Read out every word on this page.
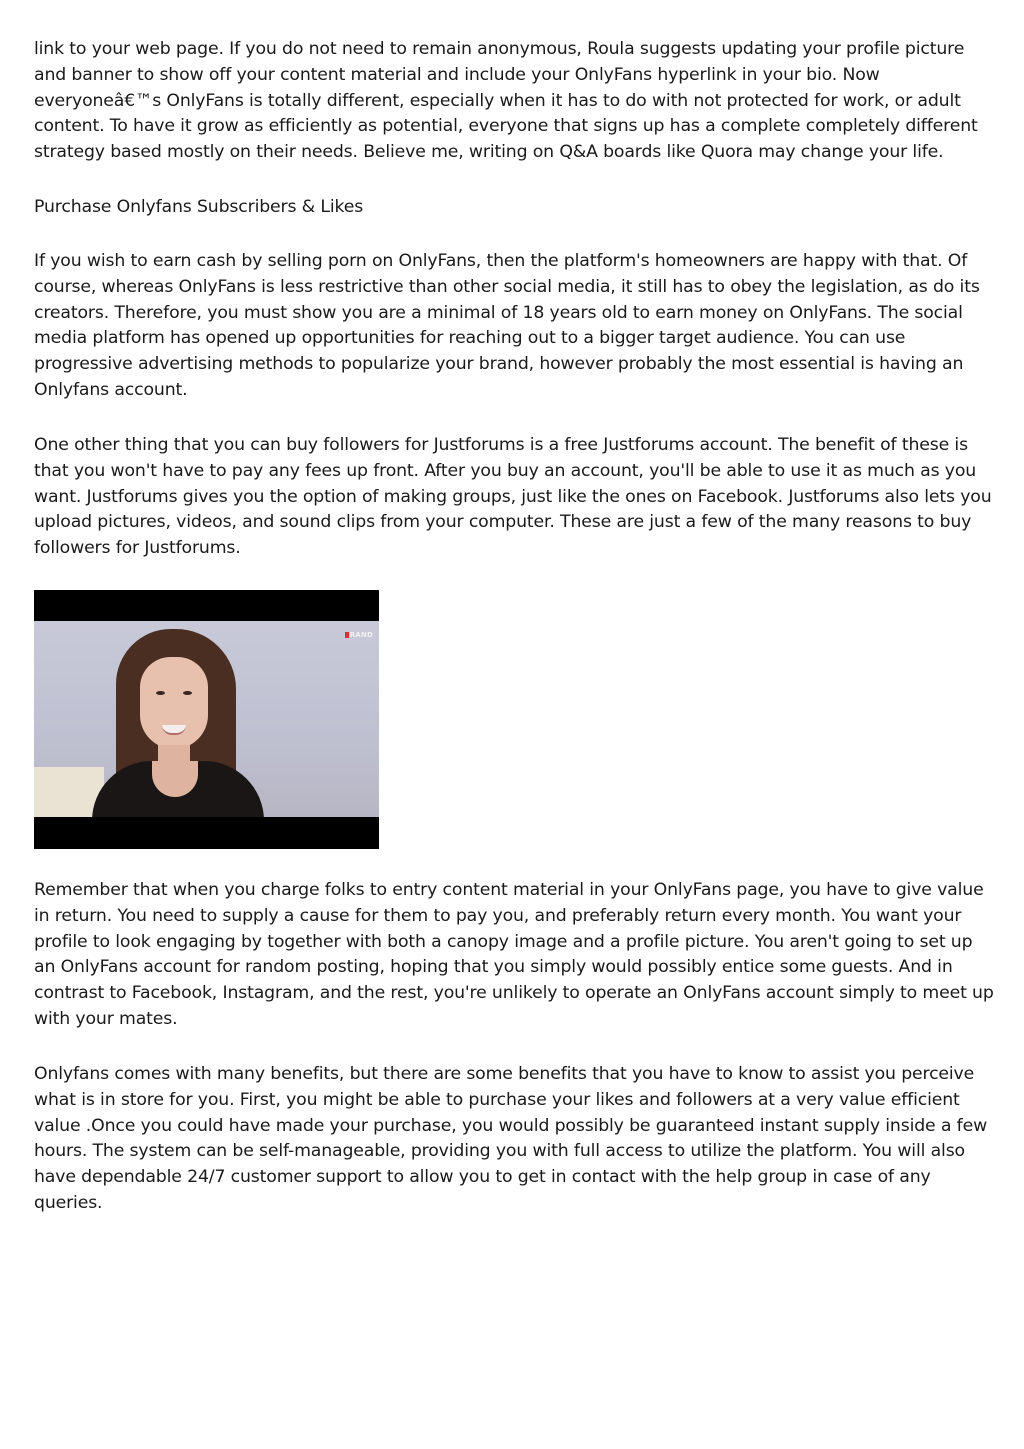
link to your web page. If you do not need to remain anonymous, Roula suggests updating your profile picture and banner to show off your content material and include your OnlyFans hyperlink in your bio. Now everyoneâ€™s OnlyFans is totally different, especially when it has to do with not protected for work, or adult content. To have it grow as efficiently as potential, everyone that signs up has a complete completely different strategy based mostly on their needs. Believe me, writing on Q&A boards like Quora may change your life.

Purchase Onlyfans Subscribers & Likes

If you wish to earn cash by selling porn on OnlyFans, then the platform's homeowners are happy with that. Of course, whereas OnlyFans is less restrictive than other social media, it still has to obey the legislation, as do its creators. Therefore, you must show you are a minimal of 18 years old to earn money on OnlyFans. The social media platform has opened up opportunities for reaching out to a bigger target audience. You can use progressive advertising methods to popularize your brand, however probably the most essential is having an Onlyfans account.

One other thing that you can buy followers for Justforums is a free Justforums account. The benefit of these is that you won't have to pay any fees up front. After you buy an account, you'll be able to use it as much as you want. Justforums gives you the option of making groups, just like the ones on Facebook. Justforums also lets you upload pictures, videos, and sound clips from your computer. These are just a few of the many reasons to buy followers for Justforums.

RAND

Remember that when you charge folks to entry content material in your OnlyFans page, you have to give value in return. You need to supply a cause for them to pay you, and preferably return every month. You want your profile to look engaging by together with both a canopy image and a profile picture. You aren't going to set up an OnlyFans account for random posting, hoping that you simply would possibly entice some guests. And in contrast to Facebook, Instagram, and the rest, you're unlikely to operate an OnlyFans account simply to meet up with your mates.

Onlyfans comes with many benefits, but there are some benefits that you have to know to assist you perceive what is in store for you. First, you might be able to purchase your likes and followers at a very value efficient value .Once you could have made your purchase, you would possibly be guaranteed instant supply inside a few hours. The system can be self-manageable, providing you with full access to utilize the platform. You will also have dependable 24/7 customer support to allow you to get in contact with the help group in case of any queries.
